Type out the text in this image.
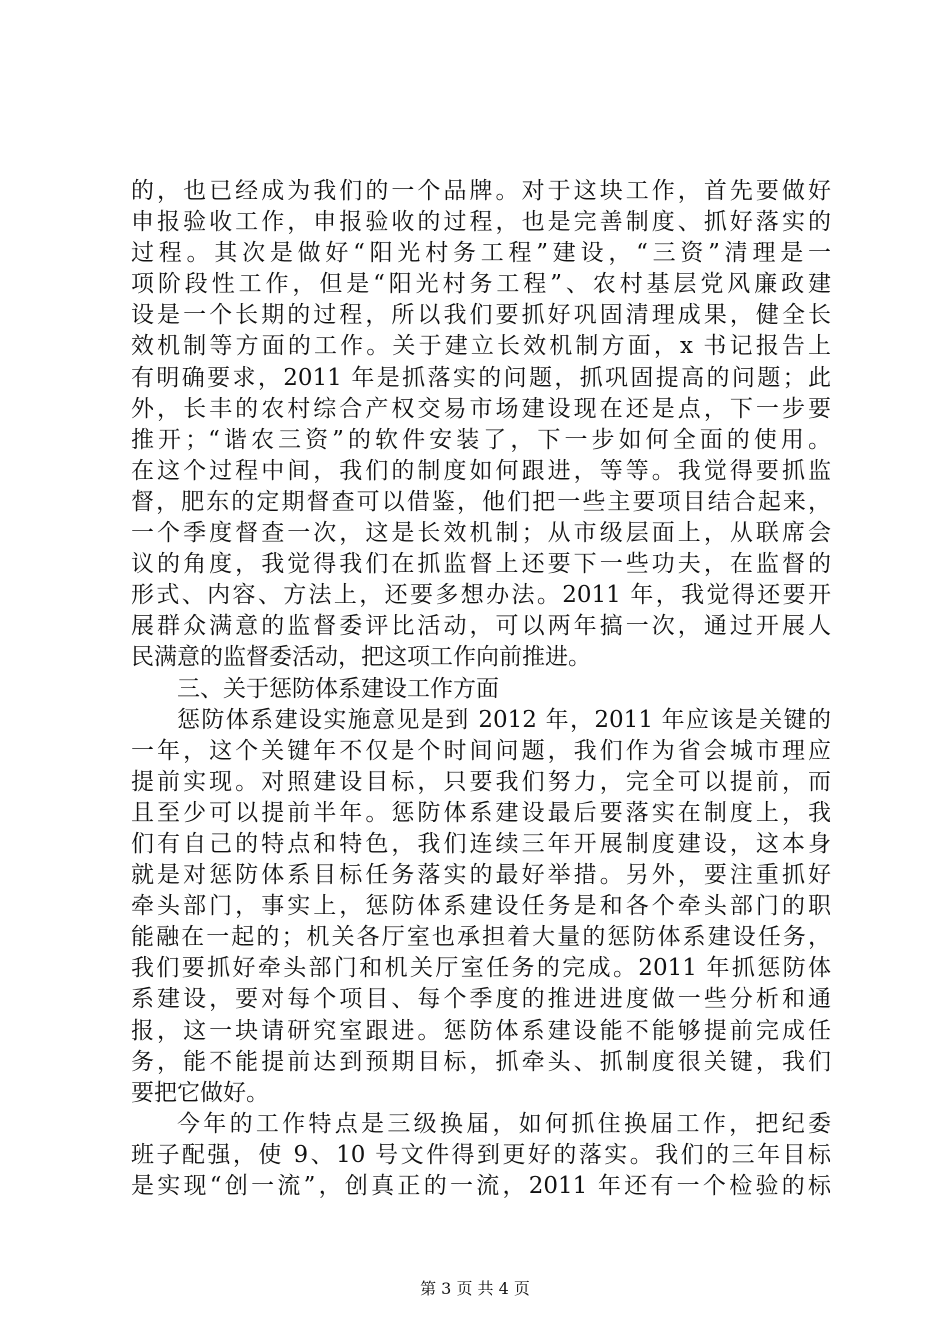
的，也已经成为我们的一个品牌。对于这块工作，首先要做好
申报验收工作，申报验收的过程，也是完善制度、抓好落实的
过程。其次是做好“阳光村务工程”建设，“三资”清理是一
项阶段性工作，但是“阳光村务工程”、农村基层党风廉政建
设是一个长期的过程，所以我们要抓好巩固清理成果，健全长
效机制等方面的工作。关于建立长效机制方面，x 书记报告上
有明确要求，2011 年是抓落实的问题，抓巩固提高的问题；此
外，长丰的农村综合产权交易市场建设现在还是点，下一步要
推开；“谐农三资”的软件安装了，下一步如何全面的使用。
在这个过程中间，我们的制度如何跟进，等等。我觉得要抓监
督，肥东的定期督查可以借鉴，他们把一些主要项目结合起来，
一个季度督查一次，这是长效机制；从市级层面上，从联席会
议的角度，我觉得我们在抓监督上还要下一些功夫，在监督的
形式、内容、方法上，还要多想办法。2011 年，我觉得还要开
展群众满意的监督委评比活动，可以两年搞一次，通过开展人
民满意的监督委活动，把这项工作向前推进。
三、关于惩防体系建设工作方面
惩防体系建设实施意见是到 2012 年，2011 年应该是关键的
一年，这个关键年不仅是个时间问题，我们作为省会城市理应
提前实现。对照建设目标，只要我们努力，完全可以提前，而
且至少可以提前半年。惩防体系建设最后要落实在制度上，我
们有自己的特点和特色，我们连续三年开展制度建设，这本身
就是对惩防体系目标任务落实的最好举措。另外，要注重抓好
牵头部门，事实上，惩防体系建设任务是和各个牵头部门的职
能融在一起的；机关各厅室也承担着大量的惩防体系建设任务，
我们要抓好牵头部门和机关厅室任务的完成。2011 年抓惩防体
系建设，要对每个项目、每个季度的推进进度做一些分析和通
报，这一块请研究室跟进。惩防体系建设能不能够提前完成任
务，能不能提前达到预期目标，抓牵头、抓制度很关键，我们
要把它做好。
今年的工作特点是三级换届，如何抓住换届工作，把纪委
班子配强，使 9、10 号文件得到更好的落实。我们的三年目标
是实现“创一流”，创真正的一流，2011 年还有一个检验的标
第 3 页 共 4 页
